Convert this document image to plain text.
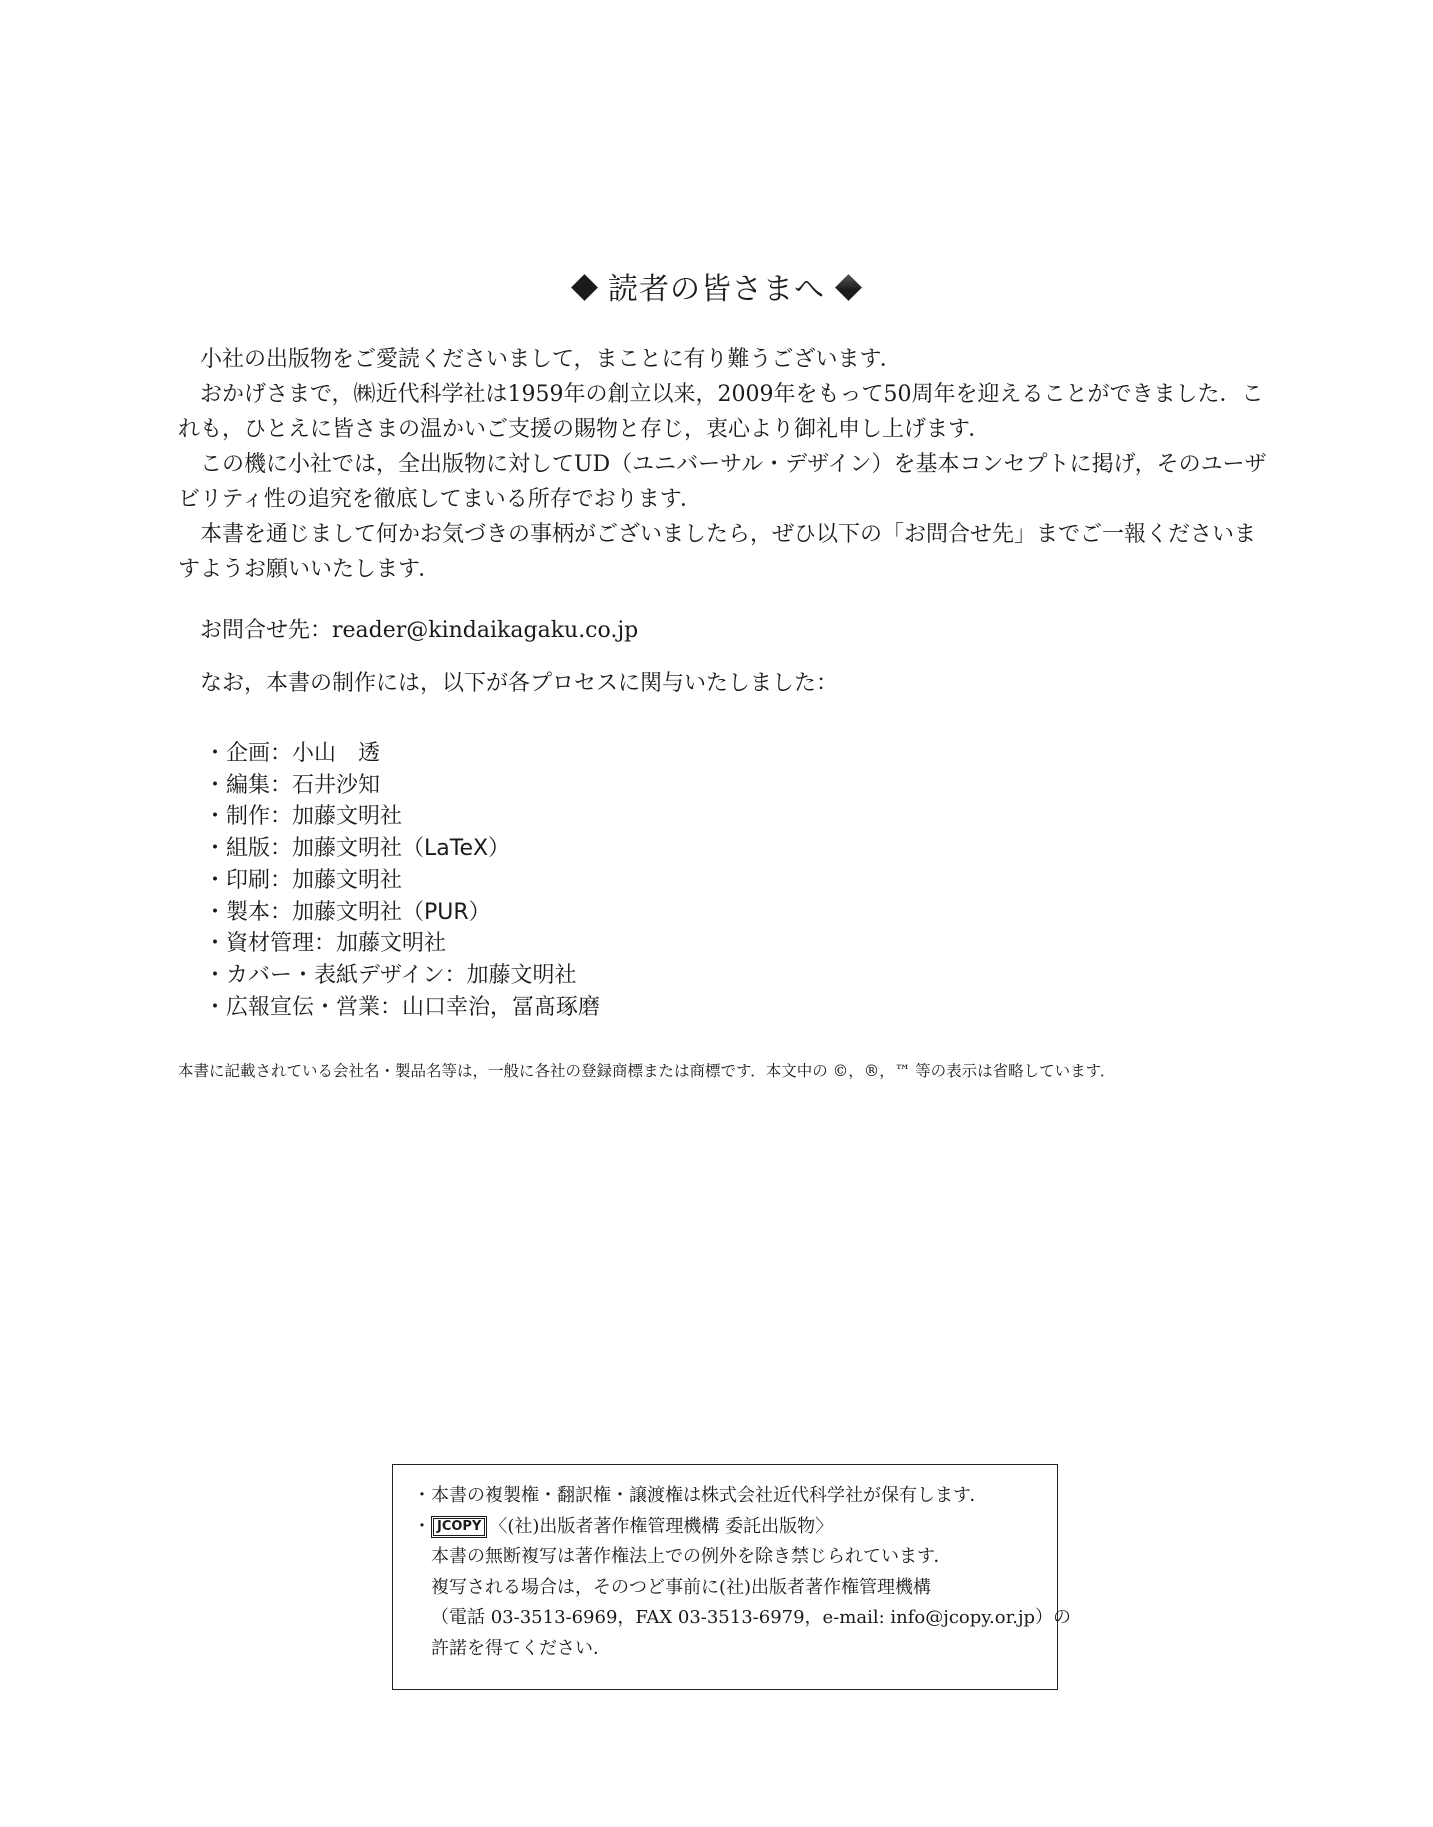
読者の皆さまへ

小社の出版物をご愛読くださいまして，まことに有り難うございます．

おかげさまで，㈱近代科学社は1959年の創立以来，2009年をもって50周年を迎えることができました．これも，ひとえに皆さまの温かいご支援の賜物と存じ，衷心より御礼申し上げます．

この機に小社では，全出版物に対してUD（ユニバーサル・デザイン）を基本コンセプトに掲げ，そのユーザビリティ性の追究を徹底してまいる所存でおります．

本書を通じまして何かお気づきの事柄がございましたら，ぜひ以下の「お問合せ先」までご一報くださいますようお願いいたします．

お問合せ先：reader@kindaikagaku.co.jp
なお，本書の制作には，以下が各プロセスに関与いたしました：
・企画：小山　透
・編集：石井沙知
・制作：加藤文明社
・組版：加藤文明社（LaTeX）
・印刷：加藤文明社
・製本：加藤文明社（PUR）
・資材管理：加藤文明社
・カバー・表紙デザイン：加藤文明社
・広報宣伝・営業：山口幸治，冨髙琢磨
本書に記載されている会社名・製品名等は，一般に各社の登録商標または商標です．本文中の ©，®，™ 等の表示は省略しています．
・本書の複製権・翻訳権・譲渡権は株式会社近代科学社が保有します．
・ JCOPY 〈(社)出版者著作権管理機構 委託出版物〉
本書の無断複写は著作権法上での例外を除き禁じられています．
複写される場合は，そのつど事前に(社)出版者著作権管理機構
（電話 03-3513-6969，FAX 03-3513-6979，e-mail: info@jcopy.or.jp）の
許諾を得てください．
